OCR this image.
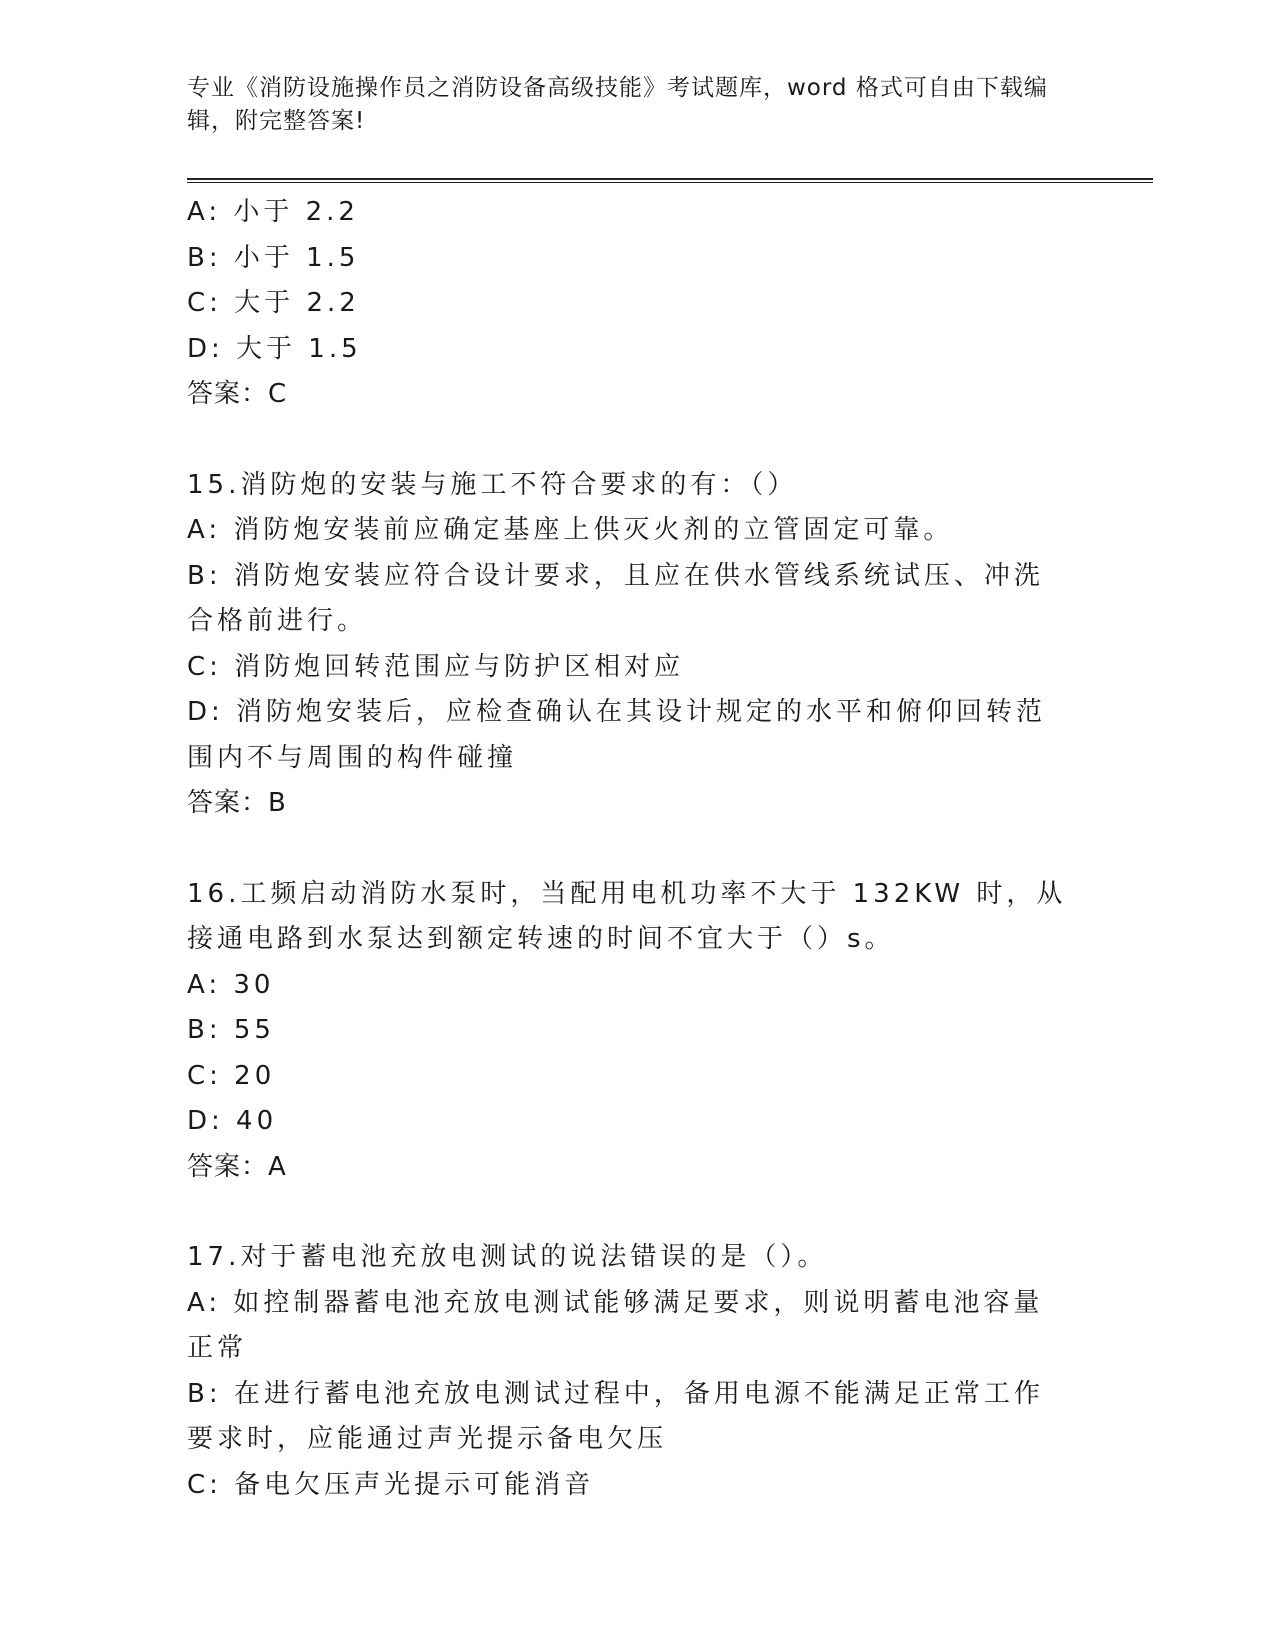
专业《消防设施操作员之消防设备高级技能》考试题库，word 格式可自由下载编辑，附完整答案!
A: 小于 2.2
B: 小于 1.5
C: 大于 2.2
D: 大于 1.5
答案：C
15.消防炮的安装与施工不符合要求的有：（）
A: 消防炮安装前应确定基座上供灭火剂的立管固定可靠。
B: 消防炮安装应符合设计要求，且应在供水管线系统试压、冲洗合格前进行。
C: 消防炮回转范围应与防护区相对应
D: 消防炮安装后，应检查确认在其设计规定的水平和俯仰回转范围内不与周围的构件碰撞
答案：B
16.工频启动消防水泵时，当配用电机功率不大于 132KW 时，从接通电路到水泵达到额定转速的时间不宜大于（）s。
A: 30
B: 55
C: 20
D: 40
答案：A
17.对于蓄电池充放电测试的说法错误的是（）。
A: 如控制器蓄电池充放电测试能够满足要求，则说明蓄电池容量正常
B: 在进行蓄电池充放电测试过程中，备用电源不能满足正常工作要求时，应能通过声光提示备电欠压
C: 备电欠压声光提示可能消音
